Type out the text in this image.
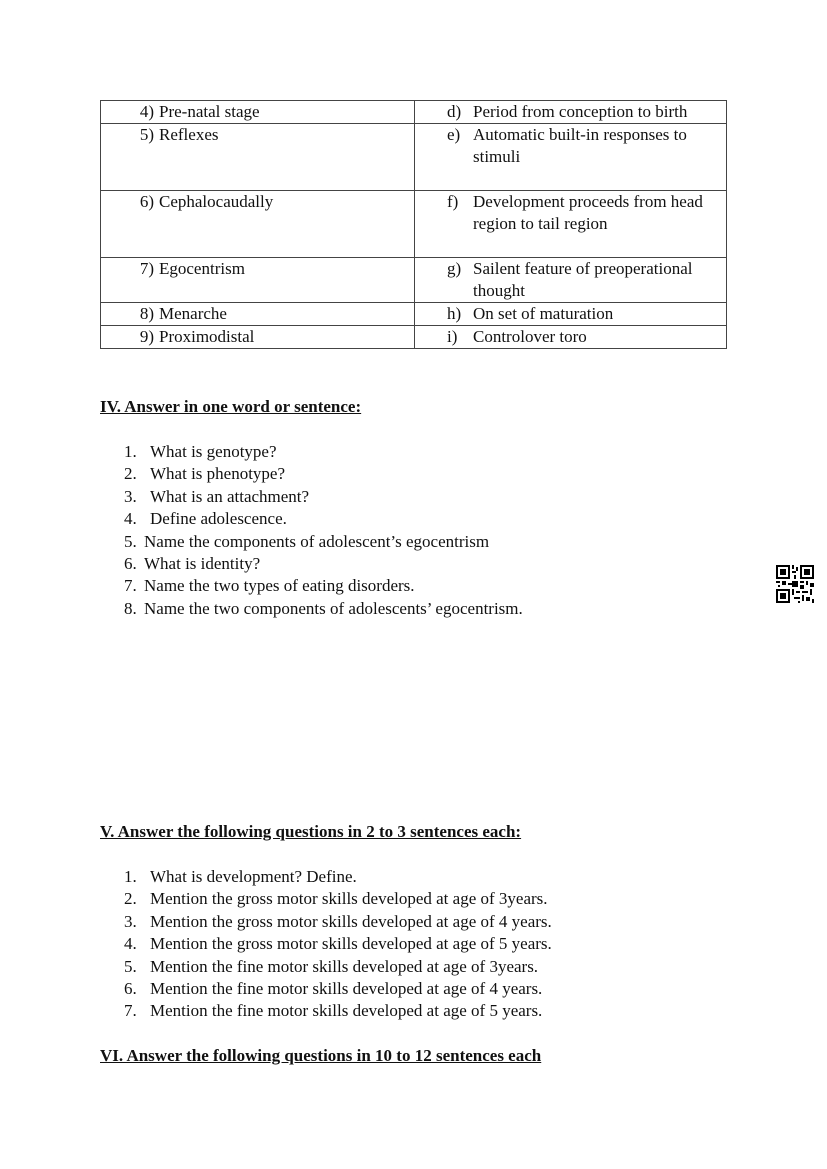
4) Pre-natal stage	d) Period from conception to birth

5) Reflexes	e) Automatic built-in responses to stimuli

6) Cephalocaudally	f) Development proceeds from head region to tail region

7) Egocentrism	g) Sailent feature of preoperational thought

8) Menarche	h) On set of maturation

9) Proximodistal	i) Controlover toro
IV. Answer in one word or sentence:
1. What is genotype?
2. What is phenotype?
3. What is an attachment?
4. Define adolescence.
5. Name the components of adolescent’s egocentrism
6. What is identity?
7. Name the two types of eating disorders.
8. Name the two components of adolescents’ egocentrism.
V. Answer the following questions in 2 to 3 sentences each:
1. What is development? Define.
2. Mention the gross motor skills developed at age of 3years.
3. Mention the gross motor skills developed at age of 4 years.
4. Mention the gross motor skills developed at age of 5 years.
5. Mention the fine motor skills developed at age of 3years.
6. Mention the fine motor skills developed at age of 4 years.
7. Mention the fine motor skills developed at age of 5 years.
VI. Answer the following questions in 10 to 12 sentences each
